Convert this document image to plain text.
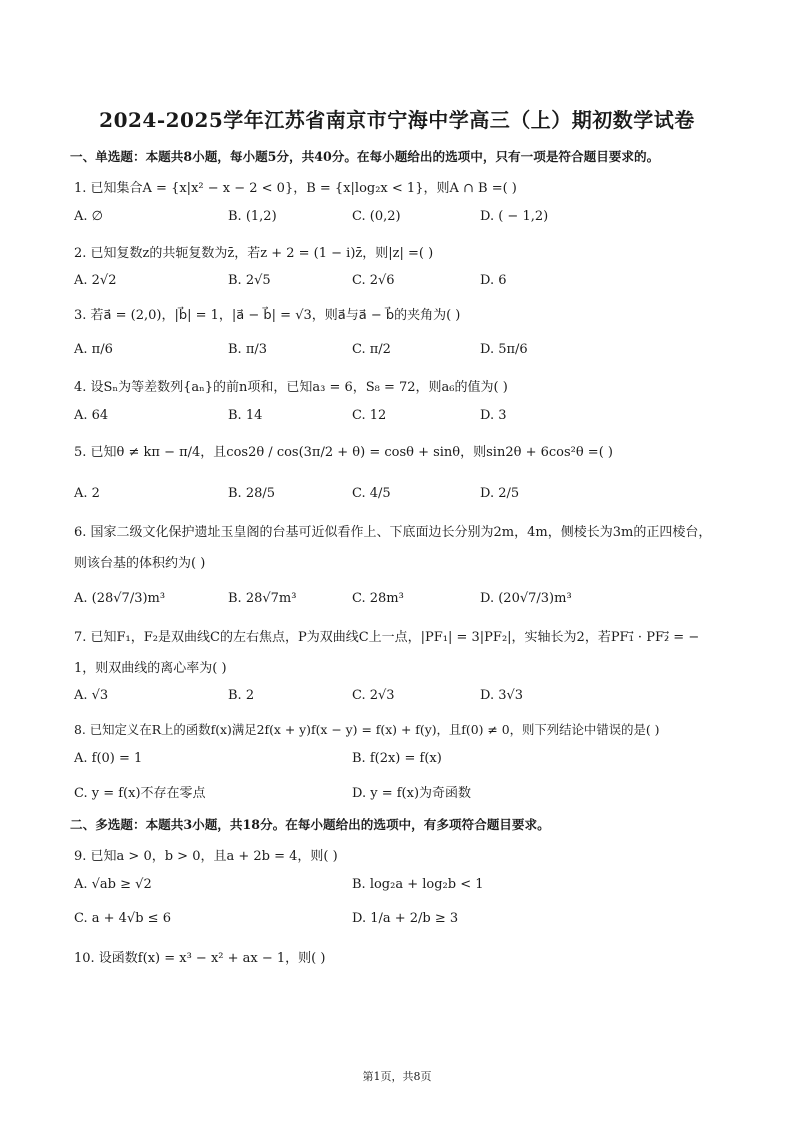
2024-2025学年江苏省南京市宁海中学高三（上）期初数学试卷
一、单选题：本题共8小题，每小题5分，共40分。在每小题给出的选项中，只有一项是符合题目要求的。
1. 已知集合A = {x|x² − x − 2 < 0}，B = {x|log₂x < 1}，则A ∩ B =( )
A. ∅	B. (1,2)	C. (0,2)	D. ( − 1,2)
2. 已知复数z的共轭复数为z̄，若z + 2 = (1 − i)z̄，则|z| =( )
A. 2√2	B. 2√5	C. 2√6	D. 6
3. 若a⃗ = (2,0)，|b⃗| = 1，|a⃗ − b⃗| = √3，则a⃗与a⃗ − b⃗的夹角为( )
A. π/6	B. π/3	C. π/2	D. 5π/6
4. 设Sₙ为等差数列{aₙ}的前n项和，已知a₃ = 6，S₈ = 72，则a₆的值为( )
A. 64	B. 14	C. 12	D. 3
5. 已知θ ≠ kπ − π/4，且cos2θ / cos(3π/2 + θ) = cosθ + sinθ，则sin2θ + 6cos²θ =( )
A. 2	B. 28/5	C. 4/5	D. 2/5
6. 国家二级文化保护遗址玉皇阁的台基可近似看作上、下底面边长分别为2m，4m，侧棱长为3m的正四棱台，则该台基的体积约为( )
A. (28√7/3)m³	B. 28√7m³	C. 28m³	D. (20√7/3)m³
7. 已知F₁，F₂是双曲线C的左右焦点，P为双曲线C上一点，|PF₁| = 3|PF₂|，实轴长为2，若PF₁⃗ · PF₂⃗ = − 1，则双曲线的离心率为( )
A. √3	B. 2	C. 2√3	D. 3√3
8. 已知定义在R上的函数f(x)满足2f(x + y)f(x − y) = f(x) + f(y)，且f(0) ≠ 0，则下列结论中错误的是( )
A. f(0) = 1	B. f(2x) = f(x)
C. y = f(x)不存在零点	D. y = f(x)为奇函数
二、多选题：本题共3小题，共18分。在每小题给出的选项中，有多项符合题目要求。
9. 已知a > 0，b > 0，且a + 2b = 4，则( )
A. √ab ≥ √2	B. log₂a + log₂b < 1
C. a + 4√b ≤ 6	D. 1/a + 2/b ≥ 3
10. 设函数f(x) = x³ − x² + ax − 1，则( )
第1页，共8页
